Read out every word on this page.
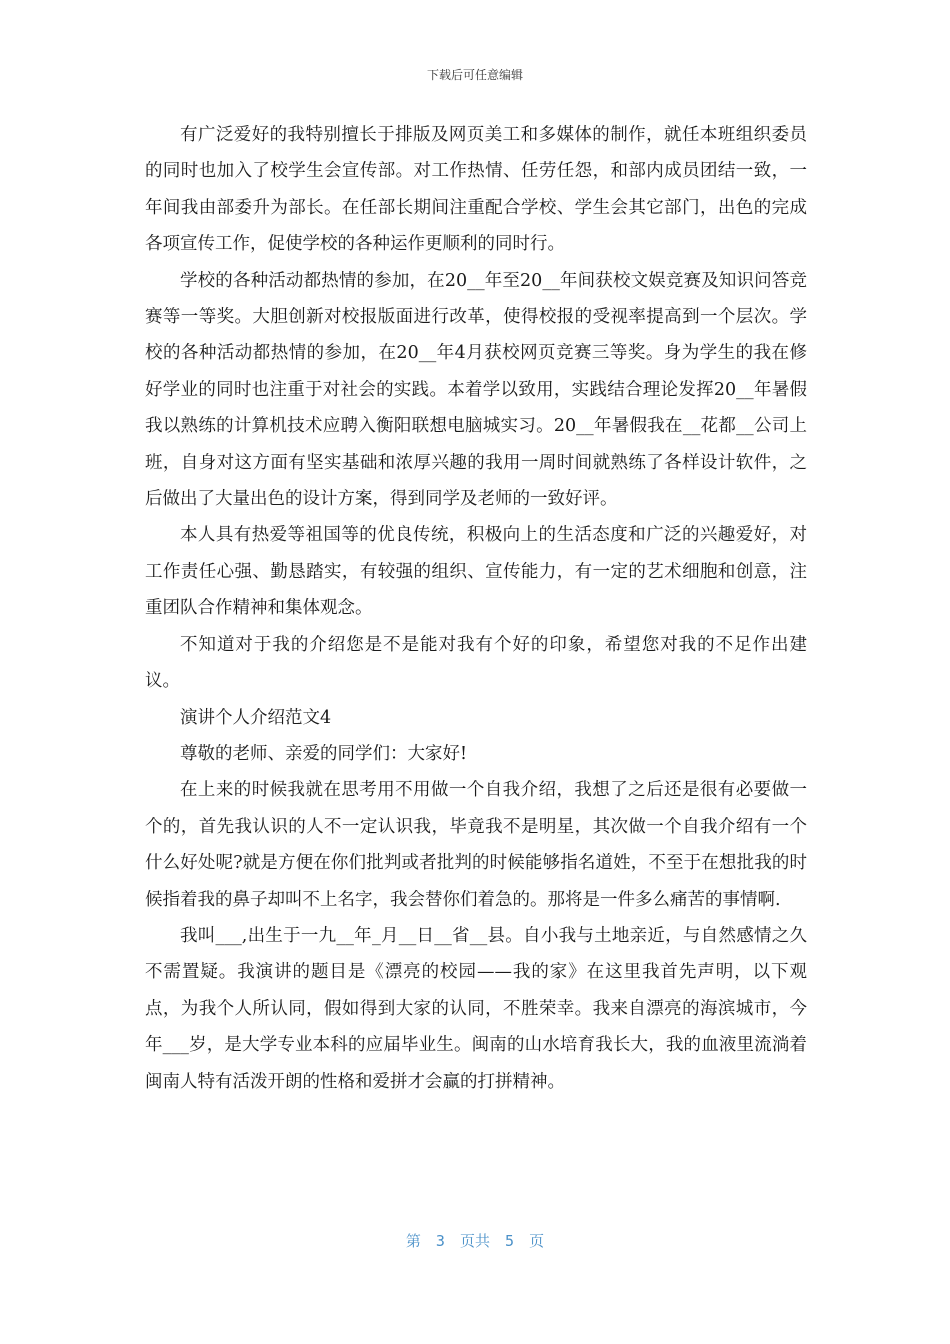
下载后可任意编辑

有广泛爱好的我特别擅长于排版及网页美工和多媒体的制作，就任本班组织委员的同时也加入了校学生会宣传部。对工作热情、任劳任怨，和部内成员团结一致，一年间我由部委升为部长。在任部长期间注重配合学校、学生会其它部门，出色的完成各项宣传工作，促使学校的各种运作更顺利的同时行。

学校的各种活动都热情的参加，在20__年至20__年间获校文娱竞赛及知识问答竞赛等一等奖。大胆创新对校报版面进行改革，使得校报的受视率提高到一个层次。学校的各种活动都热情的参加，在20__年4月获校网页竞赛三等奖。身为学生的我在修好学业的同时也注重于对社会的实践。本着学以致用，实践结合理论发挥20__年暑假我以熟练的计算机技术应聘入衡阳联想电脑城实习。20__年暑假我在__花都__公司上班，自身对这方面有坚实基础和浓厚兴趣的我用一周时间就熟练了各样设计软件，之后做出了大量出色的设计方案，得到同学及老师的一致好评。

本人具有热爱等祖国等的优良传统，积极向上的生活态度和广泛的兴趣爱好，对工作责任心强、勤恳踏实，有较强的组织、宣传能力，有一定的艺术细胞和创意，注重团队合作精神和集体观念。

不知道对于我的介绍您是不是能对我有个好的印象，希望您对我的不足作出建议。

演讲个人介绍范文4

尊敬的老师、亲爱的同学们：大家好!

在上来的时候我就在思考用不用做一个自我介绍，我想了之后还是很有必要做一个的，首先我认识的人不一定认识我，毕竟我不是明星，其次做一个自我介绍有一个什么好处呢?就是方便在你们批判或者批判的时候能够指名道姓，不至于在想批我的时候指着我的鼻子却叫不上名字，我会替你们着急的。那将是一件多么痛苦的事情啊.

我叫___,出生于一九__年_月__日__省__县。自小我与土地亲近，与自然感情之久不需置疑。我演讲的题目是《漂亮的校园——我的家》在这里我首先声明，以下观点，为我个人所认同，假如得到大家的认同，不胜荣幸。我来自漂亮的海滨城市，今年___岁，是大学专业本科的应届毕业生。闽南的山水培育我长大，我的血液里流淌着闽南人特有活泼开朗的性格和爱拼才会赢的打拼精神。

第 3 页共 5 页
